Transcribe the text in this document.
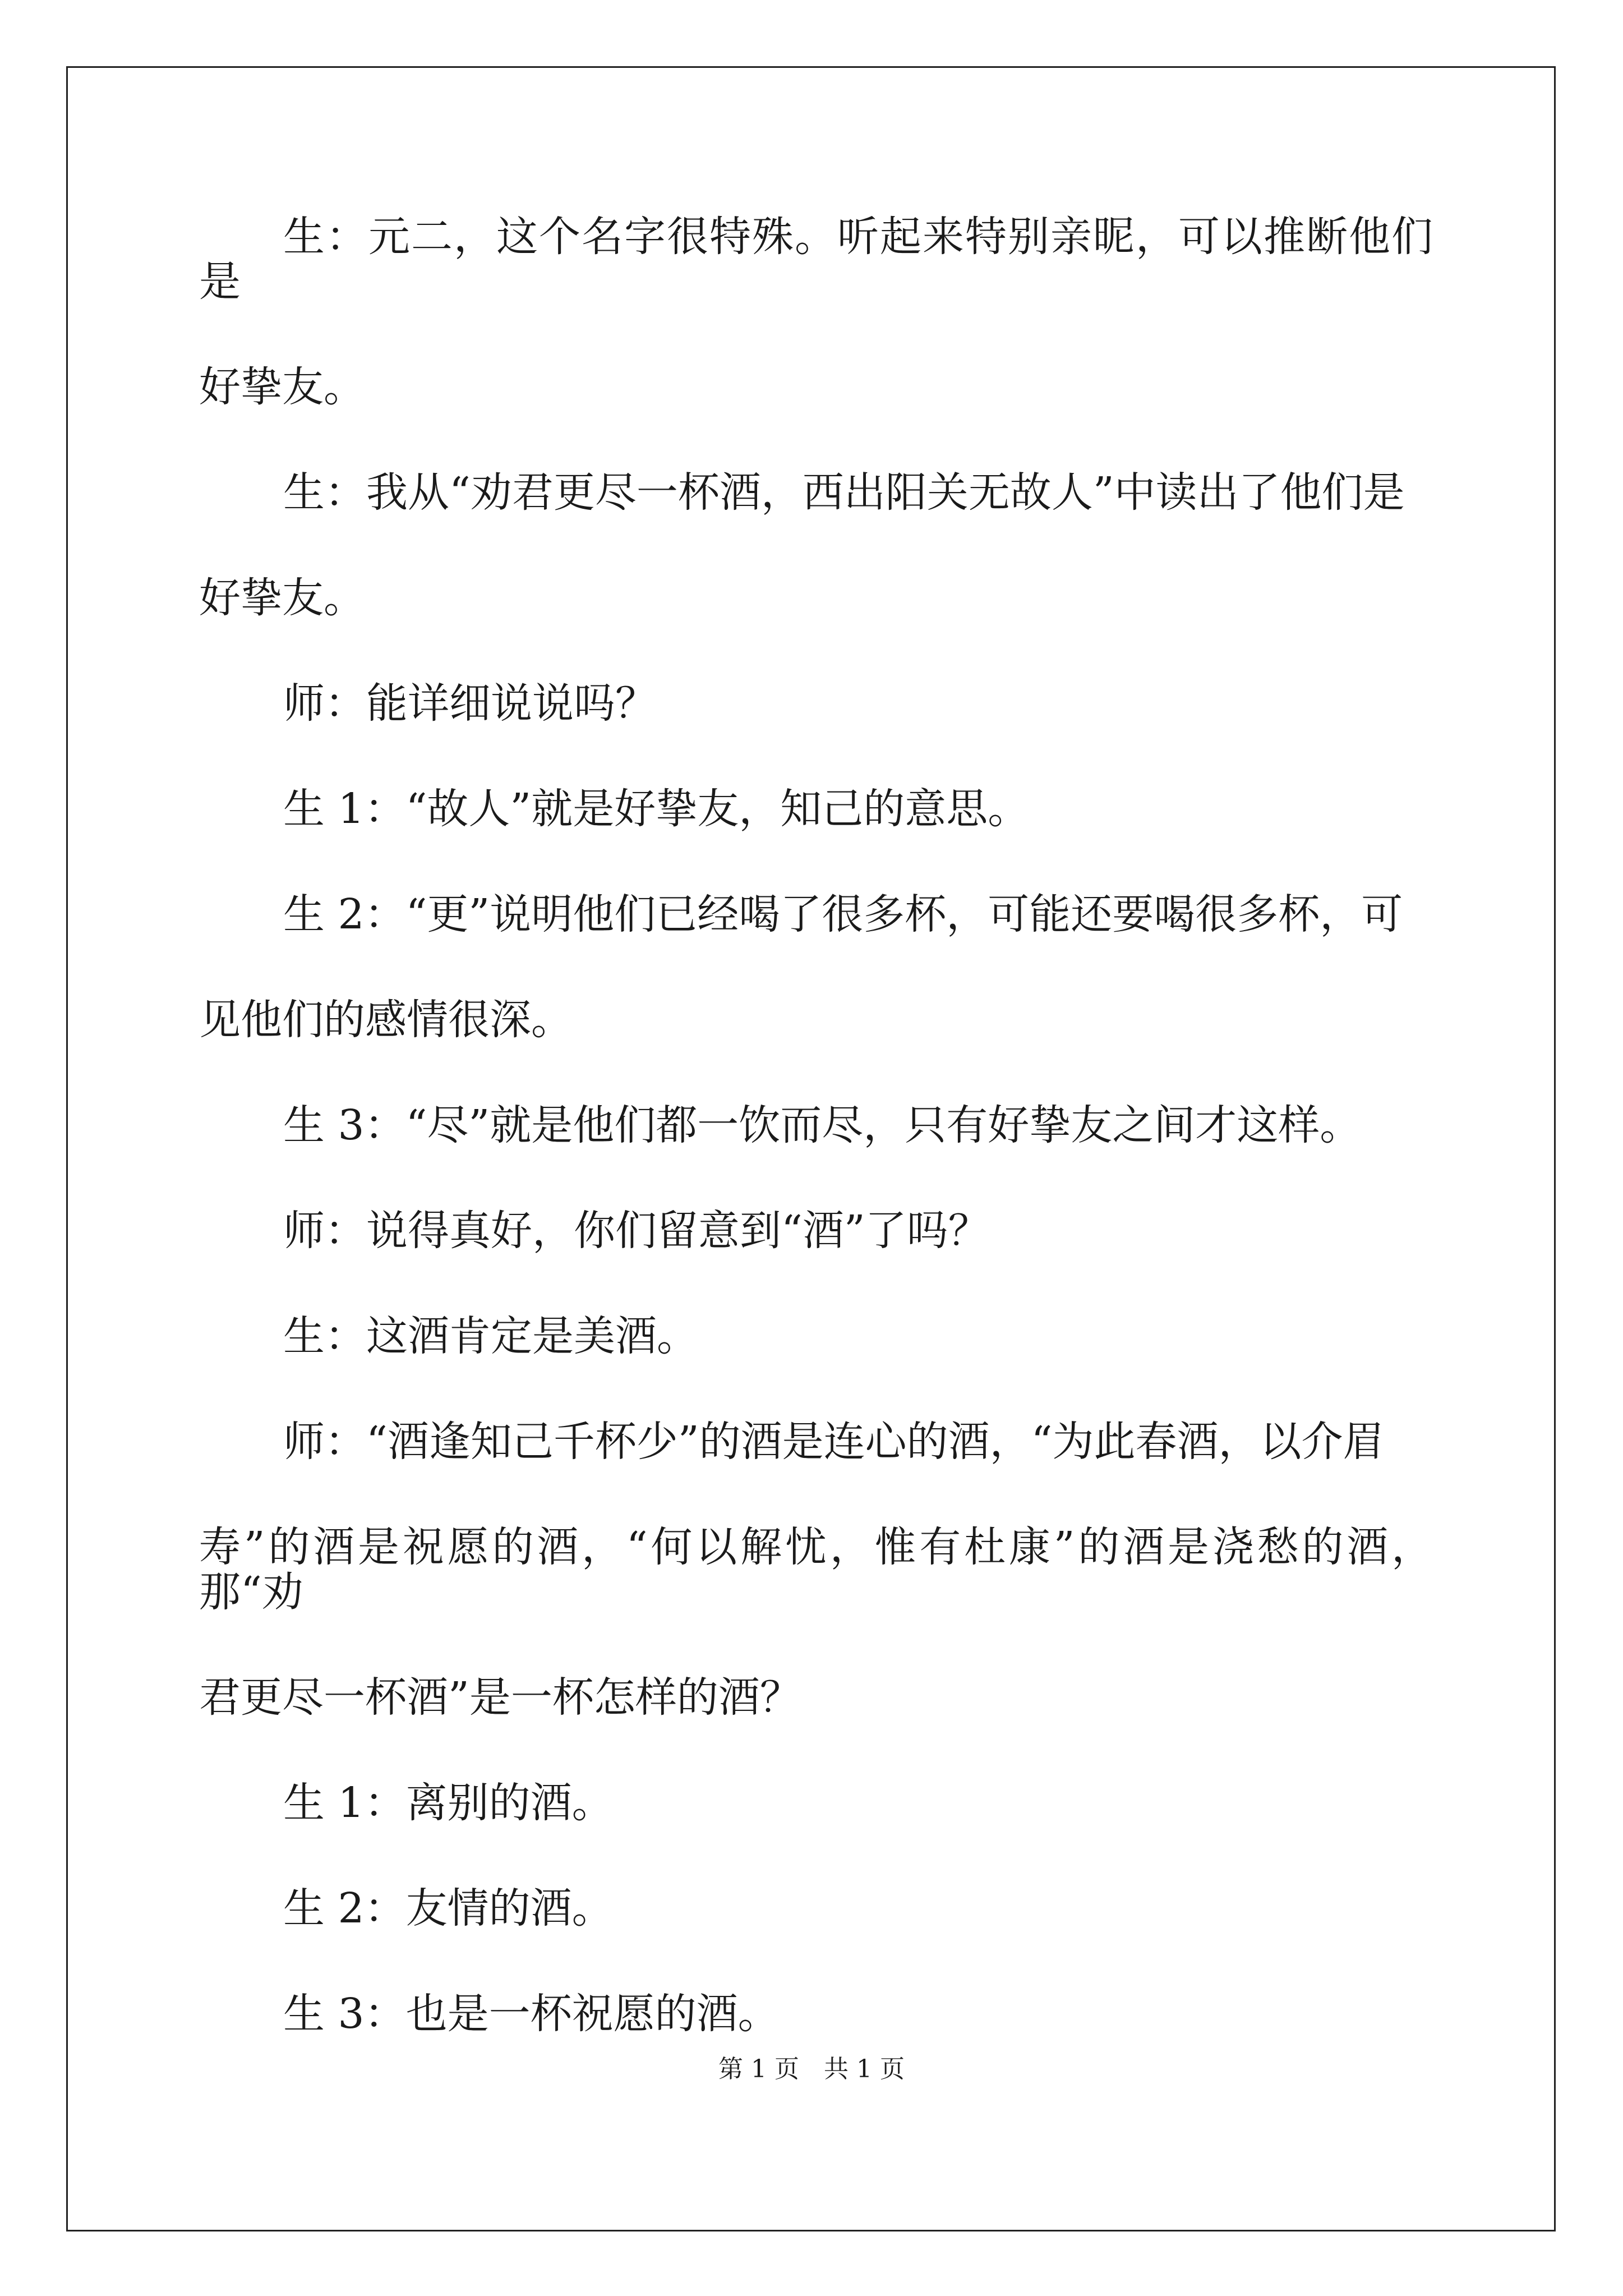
生：元二，这个名字很特殊。听起来特别亲昵，可以推断他们是
好挚友。

生：我从“劝君更尽一杯酒，西出阳关无故人”中读出了他们是
好挚友。

师：能详细说说吗？

生 1：“故人”就是好挚友，知己的意思。

生 2：“更”说明他们已经喝了很多杯，可能还要喝很多杯，可
见他们的感情很深。

生 3：“尽”就是他们都一饮而尽，只有好挚友之间才这样。

师：说得真好，你们留意到“酒”了吗？

生：这酒肯定是美酒。

师：“酒逢知己千杯少”的酒是连心的酒，“为此春酒，以介眉
寿”的酒是祝愿的酒，“何以解忧，惟有杜康”的酒是浇愁的酒，那“劝
君更尽一杯酒”是一杯怎样的酒？

生 1：离别的酒。

生 2：友情的酒。

生 3：也是一杯祝愿的酒。

第 1 页　共 1 页
